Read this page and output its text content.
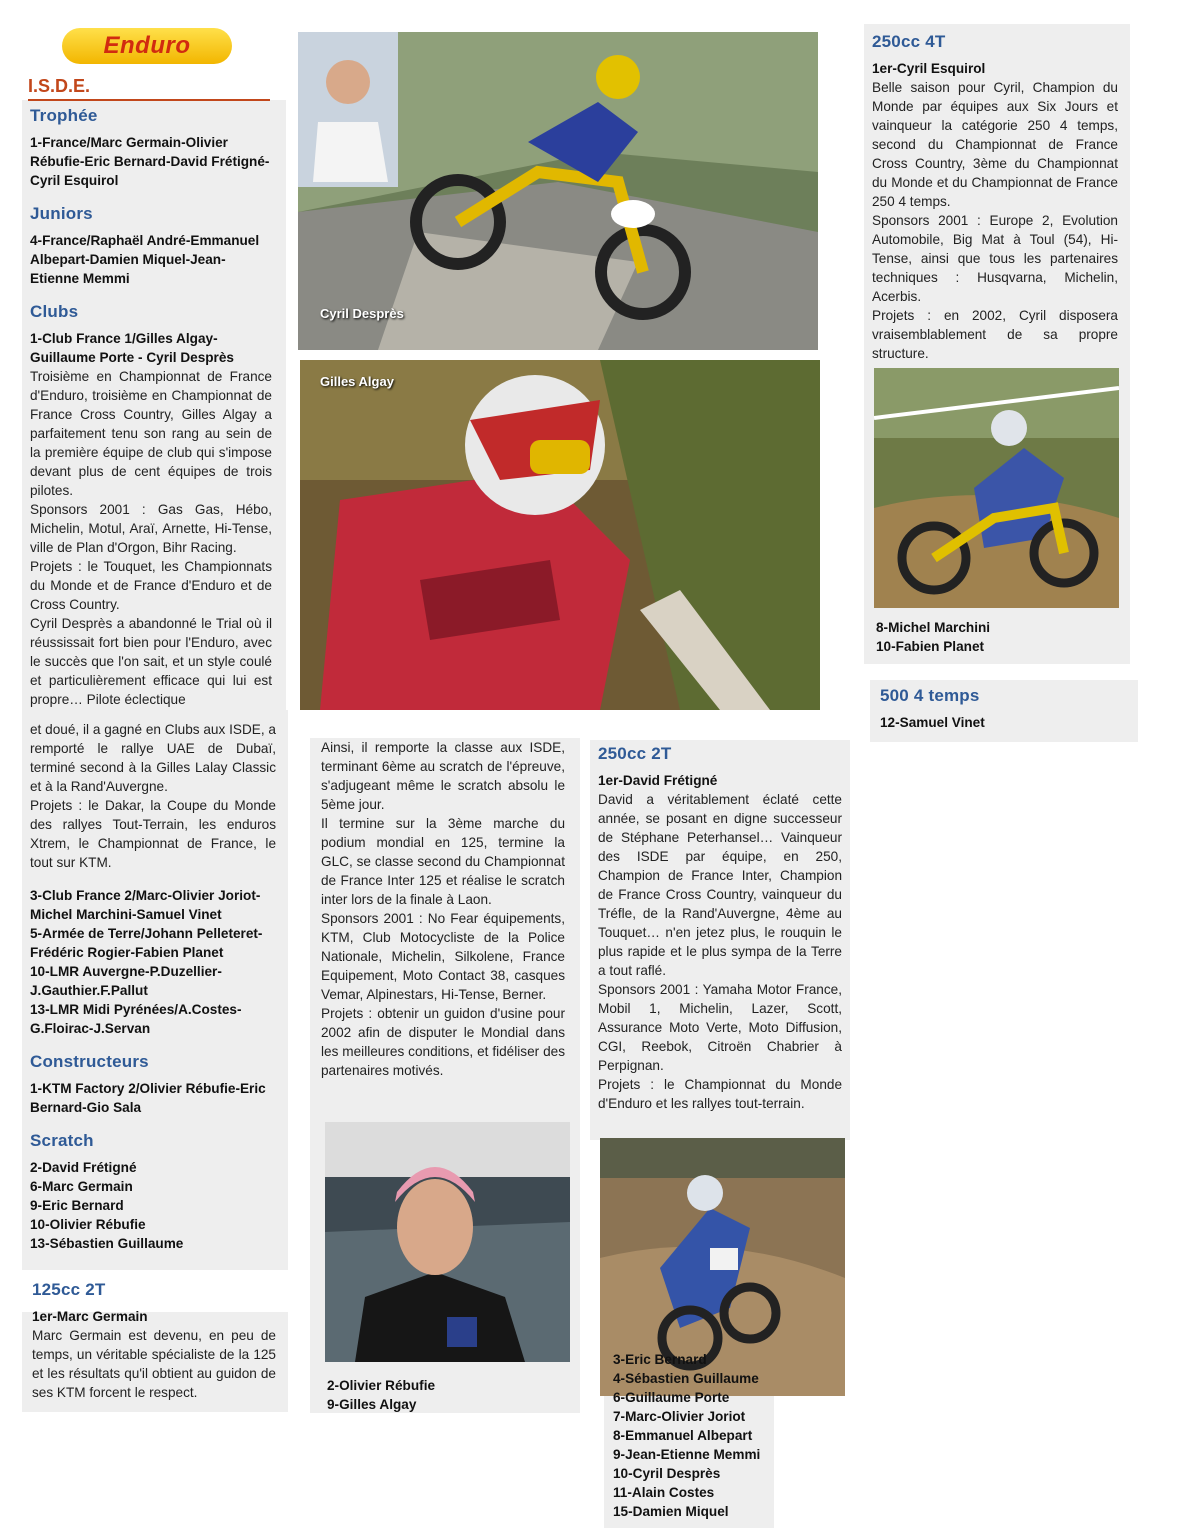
Enduro
I.S.D.E.
Trophée
1-France/Marc Germain-Olivier Rébufie-Eric Bernard-David Frétigné-Cyril Esquirol
Juniors
4-France/Raphaël André-Emmanuel Albepart-Damien Miquel-Jean-Etienne Memmi
Clubs
1-Club France 1/Gilles Algay-Guillaume Porte - Cyril Desprès
Troisième en Championnat de France d'Enduro, troisième en Championnat de France Cross Country, Gilles Algay a parfaitement tenu son rang au sein de la première équipe de club qui s'impose devant plus de cent équipes de trois pilotes.
Sponsors 2001 : Gas Gas, Hébo, Michelin, Motul, Araï, Arnette, Hi-Tense, ville de Plan d'Orgon, Bihr Racing.
Projets : le Touquet, les Championnats du Monde et de France d'Enduro et de Cross Country.
Cyril Desprès a abandonné le Trial où il réussissait fort bien pour l'Enduro, avec le succès que l'on sait, et un style coulé et particulièrement efficace qui lui est propre… Pilote éclectique
et doué, il a gagné en Clubs aux ISDE, a remporté le rallye UAE de Dubaï, terminé second à la Gilles Lalay Classic et à la Rand'Auvergne.
Projets : le Dakar, la Coupe du Monde des rallyes Tout-Terrain, les enduros Xtrem, le Championnat de France, le tout sur KTM.
3-Club France 2/Marc-Olivier Joriot-Michel Marchini-Samuel Vinet
5-Armée de Terre/Johann Pelleteret-Frédéric Rogier-Fabien Planet
10-LMR Auvergne-P.Duzellier-J.Gauthier.F.Pallut
13-LMR Midi Pyrénées/A.Costes-G.Floirac-J.Servan
Constructeurs
1-KTM Factory 2/Olivier Rébufie-Eric Bernard-Gio Sala
Scratch
2-David Frétigné
6-Marc Germain
9-Eric Bernard
10-Olivier Rébufie
13-Sébastien Guillaume
125cc 2T
1er-Marc Germain
Marc Germain est devenu, en peu de temps, un véritable spécialiste de la 125 et les résultats qu'il obtient au guidon de ses KTM forcent le respect.
Cyril Desprès
Gilles Algay
Ainsi, il remporte la classe aux ISDE, terminant 6ème au scratch de l'épreuve, s'adjugeant même le scratch absolu le 5ème jour.
Il termine sur la 3ème marche du podium mondial en 125, termine la GLC, se classe second du Championnat de France Inter 125 et réalise le scratch inter lors de la finale à Laon.
Sponsors 2001 : No Fear équipements, KTM, Club Motocycliste de la Police Nationale, Michelin, Silkolene, France Equipement, Moto Contact 38, casques Vemar, Alpinestars, Hi-Tense, Berner.
Projets : obtenir un guidon d'usine pour 2002 afin de disputer le Mondial dans les meilleures conditions, et fidéliser des partenaires motivés.
2-Olivier Rébufie
9-Gilles Algay
250cc 2T
1er-David Frétigné
David a véritablement éclaté cette année, se posant en digne successeur de Stéphane Peterhansel… Vainqueur des ISDE par équipe, en 250, Champion de France Inter, Champion de France Cross Country, vainqueur du Tréfle, de la Rand'Auvergne, 4ème au Touquet… n'en jetez plus, le rouquin le plus rapide et le plus sympa de la Terre a tout raflé.
Sponsors 2001 : Yamaha Motor France, Mobil 1, Michelin, Lazer, Scott, Assurance Moto Verte, Moto Diffusion, CGI, Reebok, Citroën Chabrier à Perpignan.
Projets : le Championnat du Monde d'Enduro et les rallyes tout-terrain.
3-Eric Bernard
4-Sébastien Guillaume
6-Guillaume Porte
7-Marc-Olivier Joriot
8-Emmanuel Albepart
9-Jean-Etienne Memmi
10-Cyril Desprès
11-Alain Costes
15-Damien Miquel
250cc 4T
1er-Cyril Esquirol
Belle saison pour Cyril, Champion du Monde par équipes aux Six Jours et vainqueur la catégorie 250 4 temps, second du Championnat de France Cross Country, 3ème du Championnat du Monde et du Championnat de France 250 4 temps.
Sponsors 2001 : Europe 2, Evolution Automobile, Big Mat à Toul (54), Hi-Tense, ainsi que tous les partenaires techniques : Husqvarna, Michelin, Acerbis.
Projets : en 2002, Cyril disposera vraisemblablement de sa propre structure.
8-Michel Marchini
10-Fabien Planet
500 4 temps
12-Samuel Vinet
